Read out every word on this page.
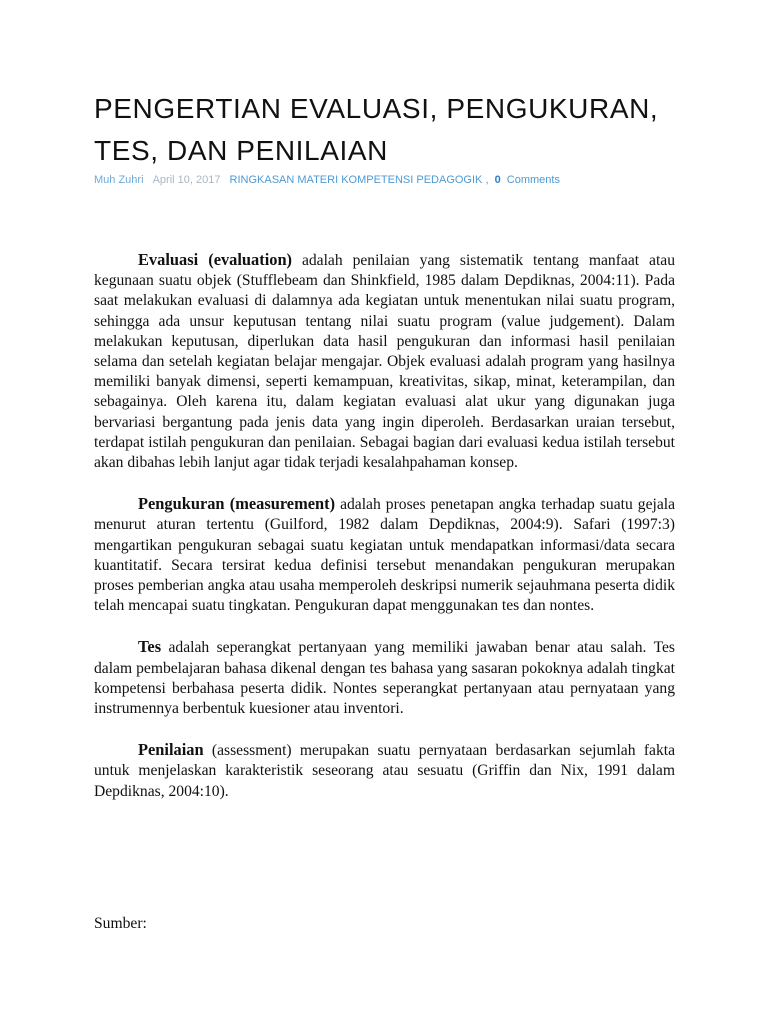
PENGERTIAN EVALUASI, PENGUKURAN, TES, DAN PENILAIAN
Muh Zuhri April 10, 2017 RINGKASAN MATERI KOMPETENSI PEDAGOGIK , 0 Comments

Evaluasi (evaluation) adalah penilaian yang sistematik tentang manfaat atau kegunaan suatu objek (Stufflebeam dan Shinkfield, 1985 dalam Depdiknas, 2004:11). Pada saat melakukan evaluasi di dalamnya ada kegiatan untuk menentukan nilai suatu program, sehingga ada unsur keputusan tentang nilai suatu program (value judgement). Dalam melakukan keputusan, diperlukan data hasil pengukuran dan informasi hasil penilaian selama dan setelah kegiatan belajar mengajar. Objek evaluasi adalah program yang hasilnya memiliki banyak dimensi, seperti kemampuan, kreativitas, sikap, minat, keterampilan, dan sebagainya. Oleh karena itu, dalam kegiatan evaluasi alat ukur yang digunakan juga bervariasi bergantung pada jenis data yang ingin diperoleh. Berdasarkan uraian tersebut, terdapat istilah pengukuran dan penilaian. Sebagai bagian dari evaluasi kedua istilah tersebut akan dibahas lebih lanjut agar tidak terjadi kesalahpahaman konsep.

Pengukuran (measurement) adalah proses penetapan angka terhadap suatu gejala menurut aturan tertentu (Guilford, 1982 dalam Depdiknas, 2004:9). Safari (1997:3) mengartikan pengukuran sebagai suatu kegiatan untuk mendapatkan informasi/data secara kuantitatif. Secara tersirat kedua definisi tersebut menandakan pengukuran merupakan proses pemberian angka atau usaha memperoleh deskripsi numerik sejauhmana peserta didik telah mencapai suatu tingkatan. Pengukuran dapat menggunakan tes dan nontes.

Tes adalah seperangkat pertanyaan yang memiliki jawaban benar atau salah. Tes dalam pembelajaran bahasa dikenal dengan tes bahasa yang sasaran pokoknya adalah tingkat kompetensi berbahasa peserta didik. Nontes seperangkat pertanyaan atau pernyataan yang instrumennya berbentuk kuesioner atau inventori.

Penilaian (assessment) merupakan suatu pernyataan berdasarkan sejumlah fakta untuk menjelaskan karakteristik seseorang atau sesuatu (Griffin dan Nix, 1991 dalam Depdiknas, 2004:10).

Sumber:
